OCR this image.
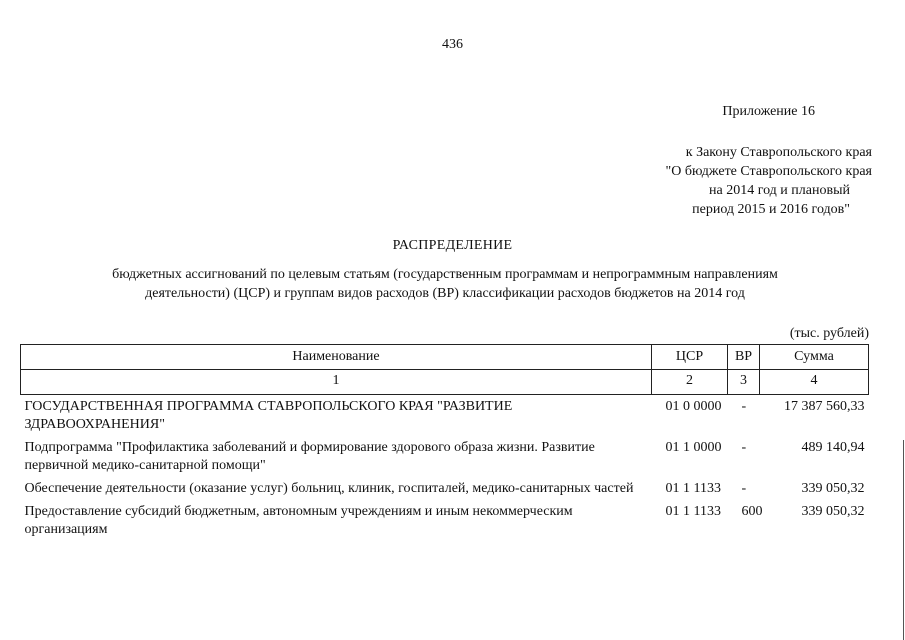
436
Приложение 16
к Закону Ставропольского края
"О бюджете Ставропольского края
на 2014 год и плановый
период 2015 и 2016 годов"
РАСПРЕДЕЛЕНИЕ
бюджетных ассигнований по целевым статьям (государственным программам и непрограммным направлениям
деятельности) (ЦСР) и группам видов расходов (ВР) классификации расходов бюджетов на 2014 год
(тыс. рублей)
Наименование	ЦСР	ВР	Сумма
1	2	3	4
ГОСУДАРСТВЕННАЯ ПРОГРАММА СТАВРОПОЛЬСКОГО КРАЯ "РАЗВИТИЕ ЗДРАВООХРАНЕНИЯ"	01 0 0000	-	17 387 560,33
Подпрограмма "Профилактика заболеваний и формирование здорового образа жизни. Развитие первичной медико-санитарной помощи"	01 1 0000	-	489 140,94
Обеспечение деятельности (оказание услуг) больниц, клиник, госпиталей, медико-санитарных частей	01 1 1133	-	339 050,32
Предоставление субсидий бюджетным, автономным учреждениям и иным некоммерческим организациям	01 1 1133	600	339 050,32
